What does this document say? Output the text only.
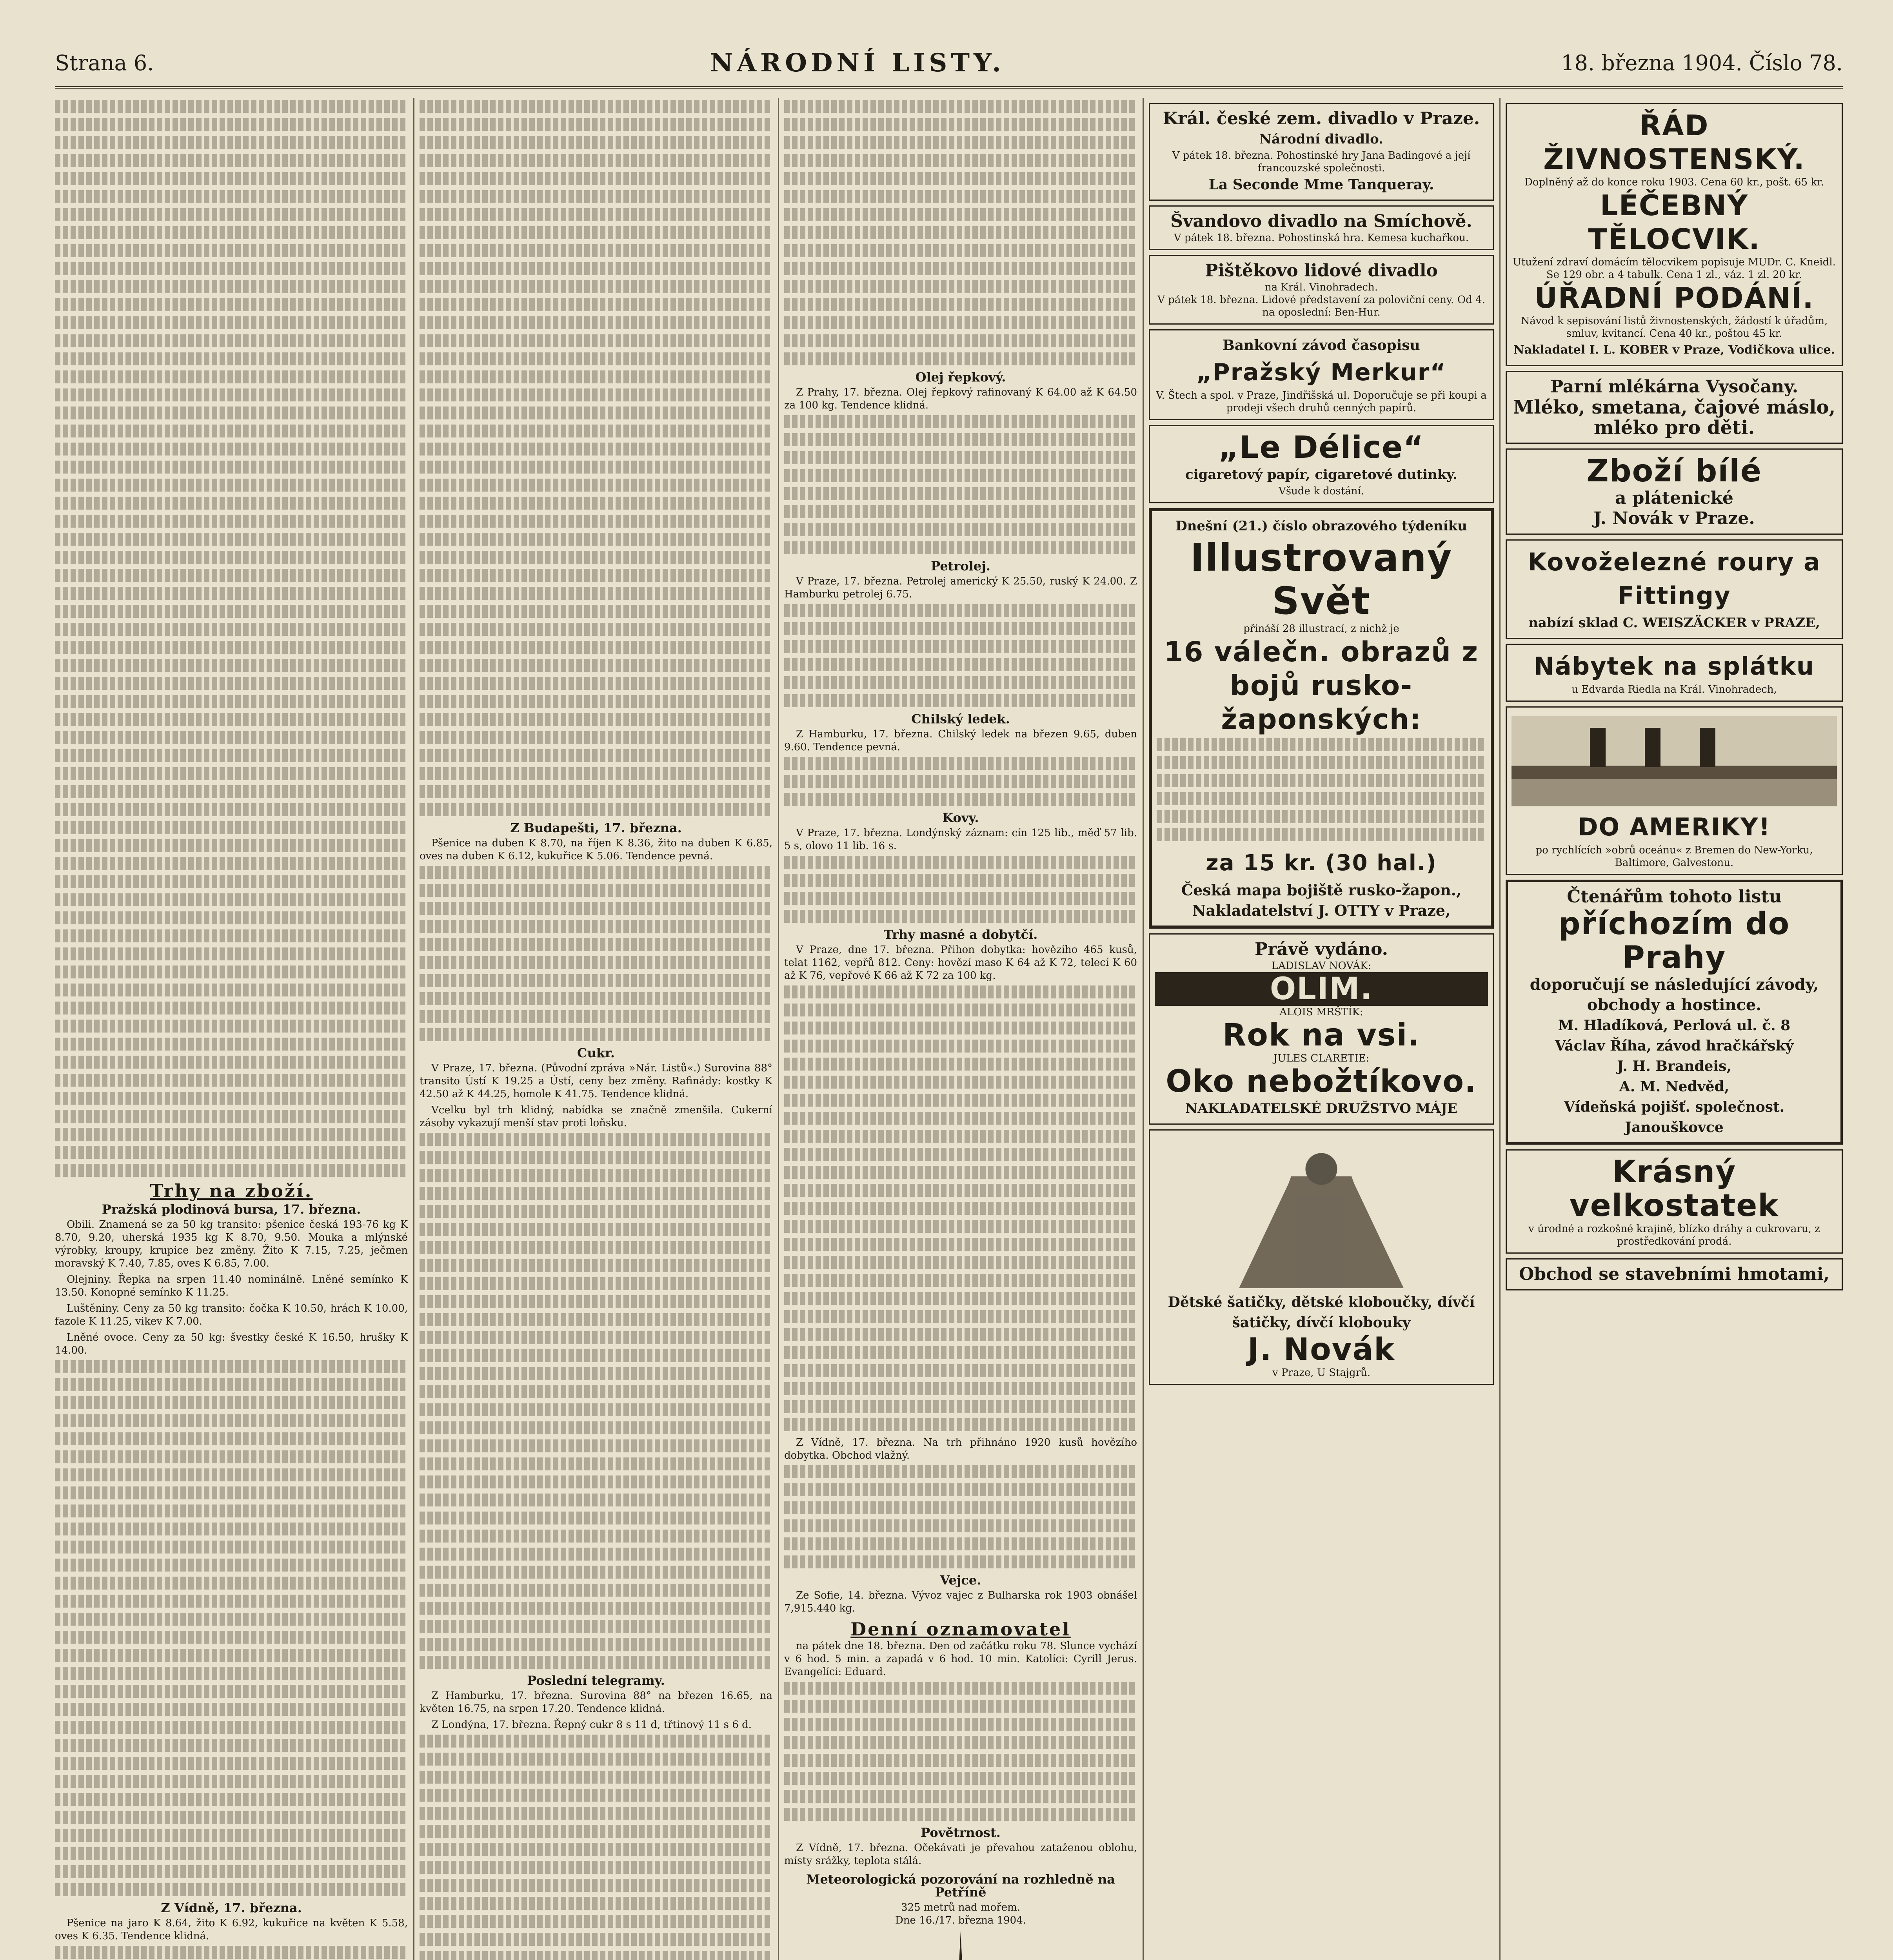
Strana 6.	NÁRODNÍ LISTY.	18. března 1904. Číslo 78.
Trhy na zboží.
Pražská plodinová bursa, 17. března.

Obili. Znamená se za 50 kg transito: pšenice česká 193-76 kg K 8.70, 9.20, uherská 1935 kg K 8.70, 9.50. Mouka a mlýnské výrobky, kroupy, krupice bez změny. Žito K 7.15, 7.25, ječmen moravský K 7.40, 7.85, oves K 6.85, 7.00.

Olejniny. Řepka na srpen 11.40 nominálně. Lněné semínko K 13.50. Konopné semínko K 11.25.

Luštěniny. Ceny za 50 kg transito: čočka K 10.50, hrách K 10.00, fazole K 11.25, vikev K 7.00.

Lněné ovoce. Ceny za 50 kg: švestky české K 16.50, hrušky K 14.00.

Z Vídně, 17. března.

Pšenice na jaro K 8.64, žito K 6.92, kukuřice na květen K 5.58, oves K 6.35. Tendence klidná.

Z Budapešti, 17. března.

Pšenice na duben K 8.70, na říjen K 8.36, žito na duben K 6.85, oves na duben K 6.12, kukuřice K 5.06. Tendence pevná.

Cukr.

V Praze, 17. března. (Původní zpráva »Nár. Listů«.) Surovina 88° transito Ústí K 19.25 a Ústí, ceny bez změny. Rafinády: kostky K 42.50 až K 44.25, homole K 41.75. Tendence klidná.

Vcelku byl trh klidný, nabídka se značně zmenšila. Cukerní zásoby vykazují menší stav proti loňsku.

Poslední telegramy.

Z Hamburku, 17. března. Surovina 88° na březen 16.65, na květen 16.75, na srpen 17.20. Tendence klidná.

Z Londýna, 17. března. Řepný cukr 8 s 11 d, třtinový 11 s 6 d.

Olej řepkový.

Z Prahy, 17. března. Olej řepkový rafinovaný K 64.00 až K 64.50 za 100 kg. Tendence klidná.

Petrolej.

V Praze, 17. března. Petrolej americký K 25.50, ruský K 24.00. Z Hamburku petrolej 6.75.

Chilský ledek.

Z Hamburku, 17. března. Chilský ledek na březen 9.65, duben 9.60. Tendence pevná.

Kovy.

V Praze, 17. března. Londýnský záznam: cín 125 lib., měď 57 lib. 5 s, olovo 11 lib. 16 s.

Trhy masné a dobytčí.

V Praze, dne 17. března. Přihon dobytka: hovězího 465 kusů, telat 1162, vepřů 812. Ceny: hovězí maso K 64 až K 72, telecí K 60 až K 76, vepřové K 66 až K 72 za 100 kg.

Z Vídně, 17. března. Na trh přihnáno 1920 kusů hovězího dobytka. Obchod vlažný.

Vejce.

Ze Sofie, 14. března. Vývoz vajec z Bulharska rok 1903 obnášel 7,915.440 kg.

Denní oznamovatel

na pátek dne 18. března. Den od začátku roku 78. Slunce vychází v 6 hod. 5 min. a zapadá v 6 hod. 10 min. Katolíci: Cyrill Jerus. Evangelíci: Eduard.

Povětrnost.

Z Vídně, 17. března. Očekávati je převahou zataženou oblohu, místy srážky, teplota stálá.

Meteorologická pozorování na rozhledně na Petříně
325 metrů nad mořem.
Dne 16./17. března 1904.
Král. české zem. divadlo v Praze.
Národní divadlo.
V pátek 18. března. Pohostinské hry Jana Badingové a její francouzské společnosti.
La Seconde Mme Tanqueray.
Švandovo divadlo na Smíchově.
V pátek 18. března. Pohostinská hra. Kemesa kuchařkou.
Pištěkovo lidové divadlo
na Král. Vinohradech.
V pátek 18. března. Lidové představení za poloviční ceny. Od 4. na oposlední: Ben-Hur.
Bankovní závod časopisu
„Pražský Merkur“
V. Štech a spol. v Praze, Jindřišská ul. Doporučuje se při koupi a prodeji všech druhů cenných papírů.
„Le Délice“
cigaretový papír, cigaretové dutinky.
Všude k dostání.
Dnešní (21.) číslo obrazového týdeníku
Illustrovaný Svět
přináší 28 illustrací, z nichž je
16 válečn. obrazů z bojů rusko-žaponských:
za 15 kr. (30 hal.)
Česká mapa bojiště rusko-žapon.,
Nakladatelství J. OTTY v Praze,
Právě vydáno.
LADISLAV NOVÁK:
OLIM.
ALOIS MRŠTÍK:
Rok na vsi.
JULES CLARETIE:
Oko nebožtíkovo.
NAKLADATELSKÉ DRUŽSTVO MÁJE
Dětské šatičky, dětské kloboučky, dívčí šatičky, dívčí klobouky
J. Novák
v Praze, U Stajgrů.
ŘÁD ŽIVNOSTENSKÝ.
Doplněný až do konce roku 1903. Cena 60 kr., pošt. 65 kr.
LÉČEBNÝ TĚLOCVIK.
Utužení zdraví domácím tělocvikem popisuje MUDr. C. Kneidl. Se 129 obr. a 4 tabulk. Cena 1 zl., váz. 1 zl. 20 kr.
ÚŘADNÍ PODÁNÍ.
Návod k sepisování listů živnostenských, žádostí k úřadům, smluv, kvitancí. Cena 40 kr., poštou 45 kr.
Nakladatel I. L. KOBER v Praze, Vodičkova ulice.
Parní mlékárna Vysočany.
Mléko, smetana, čajové máslo, mléko pro děti.
Zboží bílé
a plátenické
J. Novák v Praze.
Kovoželezné roury a Fittingy
nabízí sklad C. WEISZÄCKER v PRAZE,
Nábytek na splátku
u Edvarda Riedla na Král. Vinohradech,
DO AMERIKY!
po rychlících »obrů oceánu« z Bremen do New-Yorku, Baltimore, Galvestonu.
Čtenářům tohoto listu
příchozím do Prahy
doporučují se následující závody, obchody a hostince.
M. Hladíková, Perlová ul. č. 8
Václav Říha, závod hračkářský
J. H. Brandeis,
A. M. Nedvěd,
Vídeňská pojišť. společnost.
Janouškovce
Krásný velkostatek
v úrodné a rozkošné krajině, blízko dráhy a cukrovaru, z prostředkování prodá.
Obchod se stavebními hmotami,
